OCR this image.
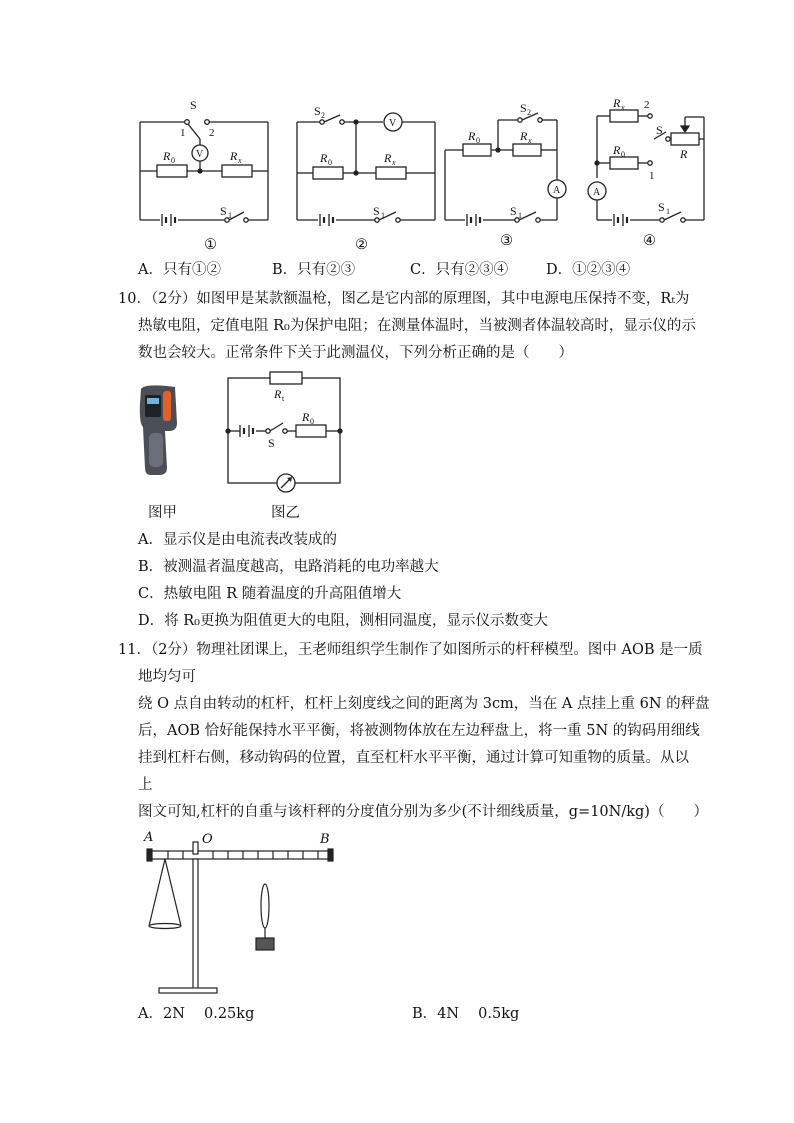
S
1 2
V
R 0	R x
S 1
S 2
V
R 0	R x
S 1
S 2
A
R 0	R x
S 1
R x 2
R 0
1
S
R
A
S 1
①	②	③	④
A．只有①②	B．只有②③	C．只有②③④	D．①②③④
10．（2分）如图甲是某款额温枪，图乙是它内部的原理图，其中电源电压保持不变，Rₜ为
热敏电阻，定值电阻 R₀为保护电阻；在测量体温时，当被测者体温较高时，显示仪的示
数也会较大。正常条件下关于此测温仪，下列分析正确的是（　　）
R t
R 0
S
图甲	图乙
A．显示仪是由电流表改装成的
B．被测温者温度越高，电路消耗的电功率越大
C．热敏电阻 R 随着温度的升高阻值增大
D．将 R₀更换为阻值更大的电阻，测相同温度，显示仪示数变大
11．（2分）物理社团课上，王老师组织学生制作了如图所示的杆秤模型。图中 AOB 是一质
地均匀可
绕 O 点自由转动的杠杆，杠杆上刻度线之间的距离为 3cm，当在 A 点挂上重 6N 的秤盘
后，AOB 恰好能保持水平平衡，将被测物体放在左边秤盘上，将一重 5N 的钩码用细线
挂到杠杆右侧，移动钩码的位置，直至杠杆水平平衡，通过计算可知重物的质量。从以
上
图文可知,杠杆的自重与该杆秤的分度值分别为多少(不计细线质量，g=10N/kg)（　　）
A	O	B
A．2N　 0.25kg	B．4N　 0.5kg
